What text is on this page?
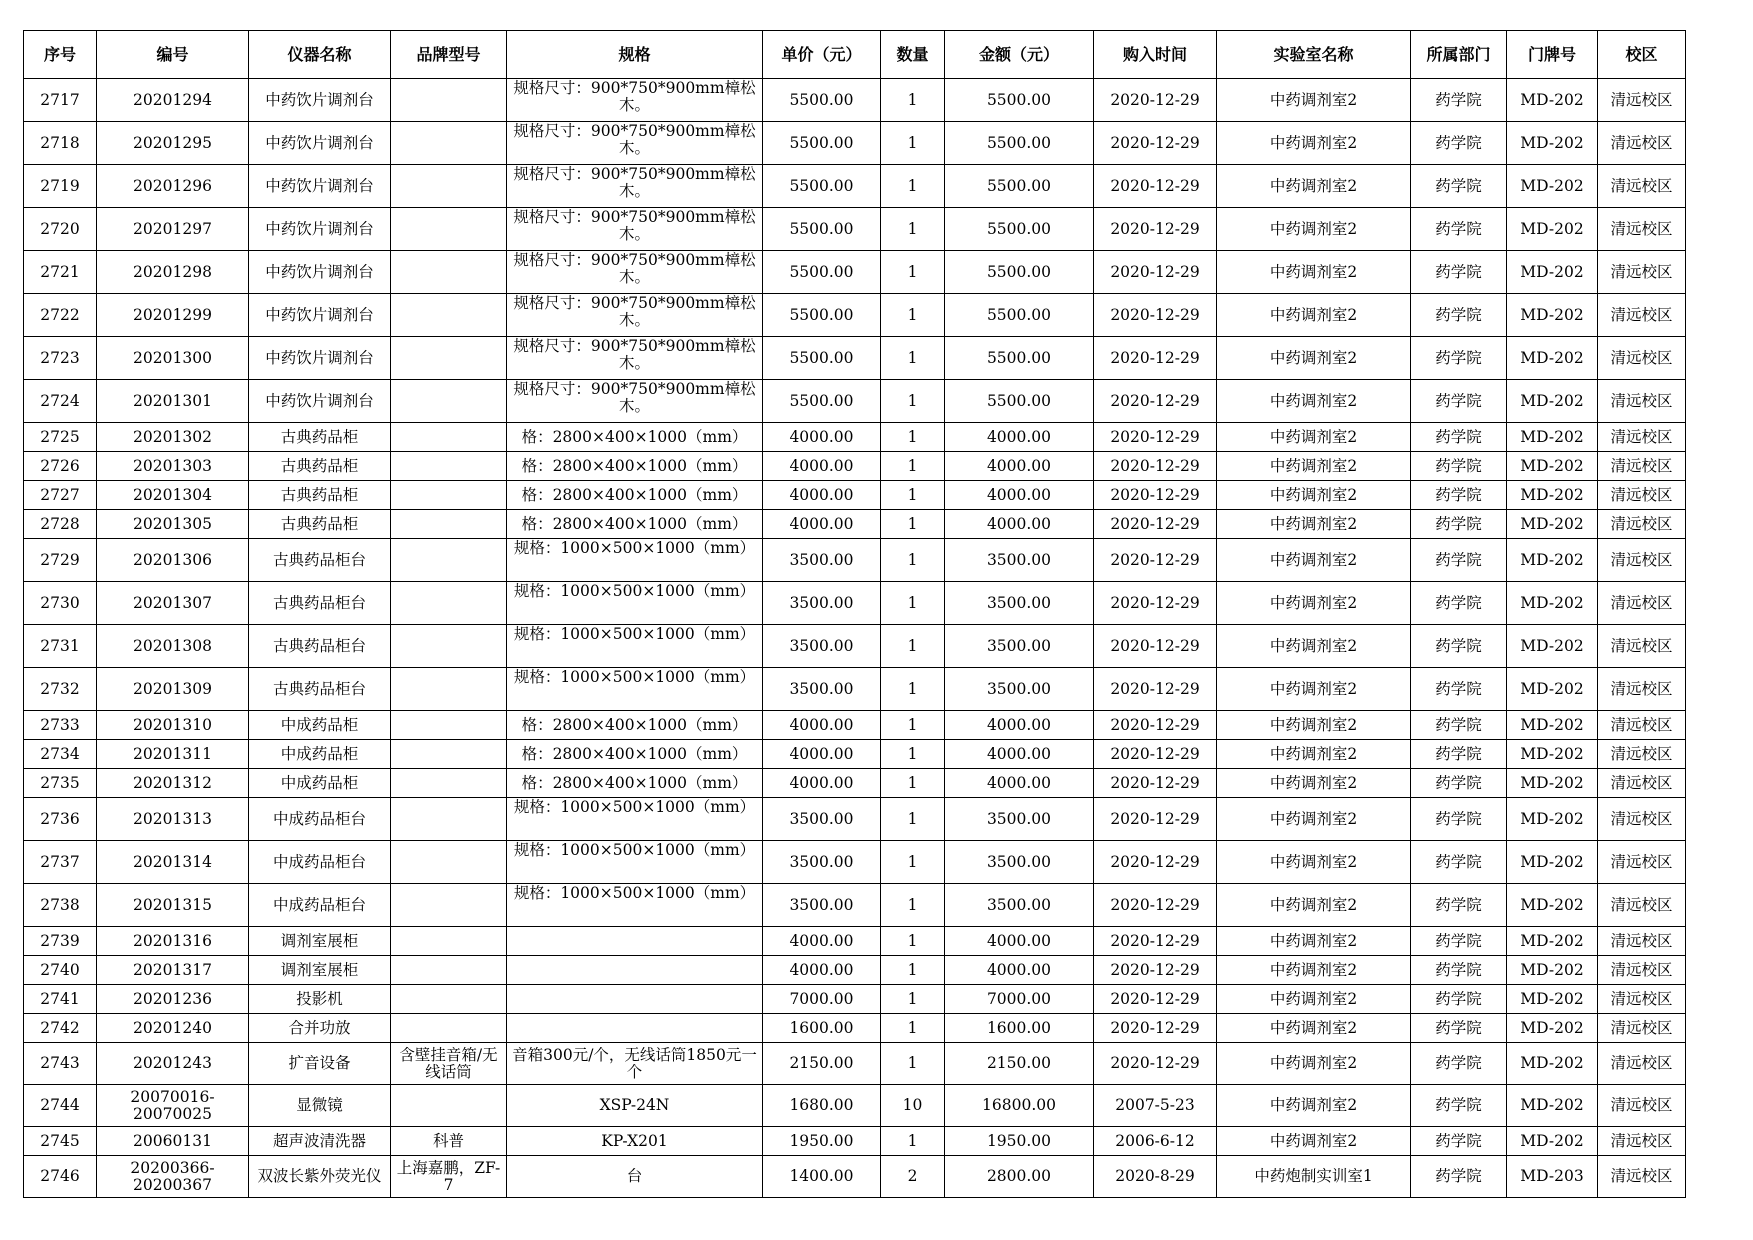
序号	编号	仪器名称	品牌型号	规格	单价（元）	数量	金额（元）	购入时间	实验室名称	所属部门	门牌号	校区
2717	20201294	中药饮片调剂台		规格尺寸：900*750*900mm樟松木。	5500.00	1	5500.00	2020-12-29	中药调剂室2	药学院	MD-202	清远校区
2718	20201295	中药饮片调剂台		规格尺寸：900*750*900mm樟松木。	5500.00	1	5500.00	2020-12-29	中药调剂室2	药学院	MD-202	清远校区
2719	20201296	中药饮片调剂台		规格尺寸：900*750*900mm樟松木。	5500.00	1	5500.00	2020-12-29	中药调剂室2	药学院	MD-202	清远校区
2720	20201297	中药饮片调剂台		规格尺寸：900*750*900mm樟松木。	5500.00	1	5500.00	2020-12-29	中药调剂室2	药学院	MD-202	清远校区
2721	20201298	中药饮片调剂台		规格尺寸：900*750*900mm樟松木。	5500.00	1	5500.00	2020-12-29	中药调剂室2	药学院	MD-202	清远校区
2722	20201299	中药饮片调剂台		规格尺寸：900*750*900mm樟松木。	5500.00	1	5500.00	2020-12-29	中药调剂室2	药学院	MD-202	清远校区
2723	20201300	中药饮片调剂台		规格尺寸：900*750*900mm樟松木。	5500.00	1	5500.00	2020-12-29	中药调剂室2	药学院	MD-202	清远校区
2724	20201301	中药饮片调剂台		规格尺寸：900*750*900mm樟松木。	5500.00	1	5500.00	2020-12-29	中药调剂室2	药学院	MD-202	清远校区
2725	20201302	古典药品柜		格：2800×400×1000（mm）	4000.00	1	4000.00	2020-12-29	中药调剂室2	药学院	MD-202	清远校区
2726	20201303	古典药品柜		格：2800×400×1000（mm）	4000.00	1	4000.00	2020-12-29	中药调剂室2	药学院	MD-202	清远校区
2727	20201304	古典药品柜		格：2800×400×1000（mm）	4000.00	1	4000.00	2020-12-29	中药调剂室2	药学院	MD-202	清远校区
2728	20201305	古典药品柜		格：2800×400×1000（mm）	4000.00	1	4000.00	2020-12-29	中药调剂室2	药学院	MD-202	清远校区
2729	20201306	古典药品柜台		规格：1000×500×1000（mm）	3500.00	1	3500.00	2020-12-29	中药调剂室2	药学院	MD-202	清远校区
2730	20201307	古典药品柜台		规格：1000×500×1000（mm）	3500.00	1	3500.00	2020-12-29	中药调剂室2	药学院	MD-202	清远校区
2731	20201308	古典药品柜台		规格：1000×500×1000（mm）	3500.00	1	3500.00	2020-12-29	中药调剂室2	药学院	MD-202	清远校区
2732	20201309	古典药品柜台		规格：1000×500×1000（mm）	3500.00	1	3500.00	2020-12-29	中药调剂室2	药学院	MD-202	清远校区
2733	20201310	中成药品柜		格：2800×400×1000（mm）	4000.00	1	4000.00	2020-12-29	中药调剂室2	药学院	MD-202	清远校区
2734	20201311	中成药品柜		格：2800×400×1000（mm）	4000.00	1	4000.00	2020-12-29	中药调剂室2	药学院	MD-202	清远校区
2735	20201312	中成药品柜		格：2800×400×1000（mm）	4000.00	1	4000.00	2020-12-29	中药调剂室2	药学院	MD-202	清远校区
2736	20201313	中成药品柜台		规格：1000×500×1000（mm）	3500.00	1	3500.00	2020-12-29	中药调剂室2	药学院	MD-202	清远校区
2737	20201314	中成药品柜台		规格：1000×500×1000（mm）	3500.00	1	3500.00	2020-12-29	中药调剂室2	药学院	MD-202	清远校区
2738	20201315	中成药品柜台		规格：1000×500×1000（mm）	3500.00	1	3500.00	2020-12-29	中药调剂室2	药学院	MD-202	清远校区
2739	20201316	调剂室展柜			4000.00	1	4000.00	2020-12-29	中药调剂室2	药学院	MD-202	清远校区
2740	20201317	调剂室展柜			4000.00	1	4000.00	2020-12-29	中药调剂室2	药学院	MD-202	清远校区
2741	20201236	投影机			7000.00	1	7000.00	2020-12-29	中药调剂室2	药学院	MD-202	清远校区
2742	20201240	合并功放			1600.00	1	1600.00	2020-12-29	中药调剂室2	药学院	MD-202	清远校区
2743	20201243	扩音设备	含壁挂音箱/无线话筒	音箱300元/个，无线话筒1850元一个	2150.00	1	2150.00	2020-12-29	中药调剂室2	药学院	MD-202	清远校区
2744	20070016-20070025	显微镜		XSP-24N	1680.00	10	16800.00	2007-5-23	中药调剂室2	药学院	MD-202	清远校区
2745	20060131	超声波清洗器	科普	KP-X201	1950.00	1	1950.00	2006-6-12	中药调剂室2	药学院	MD-202	清远校区
2746	20200366-20200367	双波长紫外荧光仪	上海嘉鹏，ZF-7	台	1400.00	2	2800.00	2020-8-29	中药炮制实训室1	药学院	MD-203	清远校区
